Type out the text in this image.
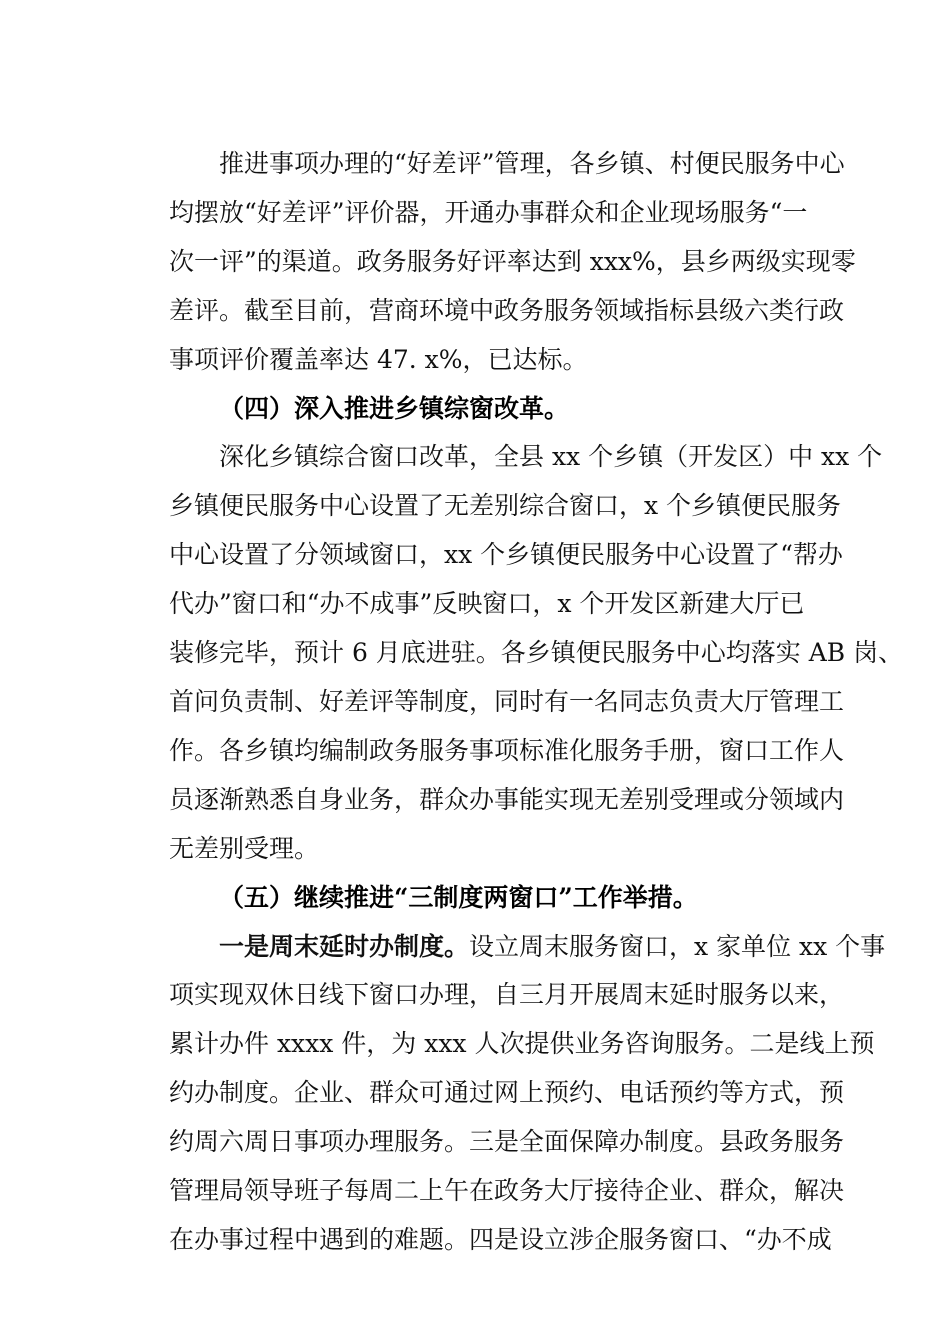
推进事项办理的“好差评”管理，各乡镇、村便民服务中心
均摆放“好差评”评价器，开通办事群众和企业现场服务“一
次一评”的渠道。政务服务好评率达到 xxx%，县乡两级实现零
差评。截至目前，营商环境中政务服务领域指标县级六类行政
事项评价覆盖率达 47. x%，已达标。
（四）深入推进乡镇综窗改革。
深化乡镇综合窗口改革，全县 xx 个乡镇（开发区）中 xx 个
乡镇便民服务中心设置了无差别综合窗口，x 个乡镇便民服务
中心设置了分领域窗口，xx 个乡镇便民服务中心设置了“帮办
代办”窗口和“办不成事”反映窗口，x 个开发区新建大厅已
装修完毕，预计 6 月底进驻。各乡镇便民服务中心均落实 AB 岗、
首问负责制、好差评等制度，同时有一名同志负责大厅管理工
作。各乡镇均编制政务服务事项标准化服务手册，窗口工作人
员逐渐熟悉自身业务，群众办事能实现无差别受理或分领域内
无差别受理。
（五）继续推进“三制度两窗口”工作举措。
一是周末延时办制度。设立周末服务窗口，x 家单位 xx 个事
项实现双休日线下窗口办理，自三月开展周末延时服务以来，
累计办件 xxxx 件，为 xxx 人次提供业务咨询服务。二是线上预
约办制度。企业、群众可通过网上预约、电话预约等方式，预
约周六周日事项办理服务。三是全面保障办制度。县政务服务
管理局领导班子每周二上午在政务大厅接待企业、群众，解决
在办事过程中遇到的难题。四是设立涉企服务窗口、“办不成
